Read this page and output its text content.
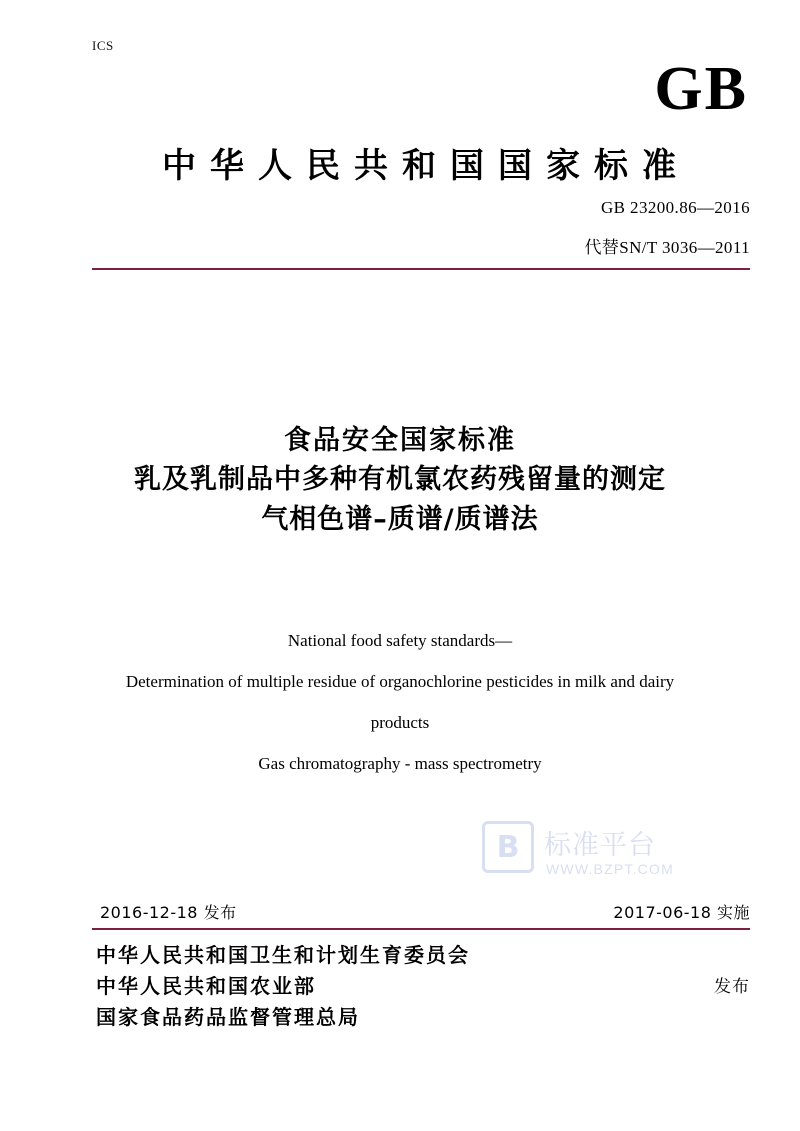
ICS
GB
中华人民共和国国家标准
GB 23200.86—2016
代替SN/T 3036—2011
食品安全国家标准
乳及乳制品中多种有机氯农药残留量的测定
气相色谱–质谱/质谱法
National food safety standards—
Determination of multiple residue of organochlorine pesticides in milk and dairy
products
Gas chromatography - mass spectrometry
B 标准平台
WWW.BZPT.COM
2016-12-18 发布	2017-06-18 实施
中华人民共和国卫生和计划生育委员会
中华人民共和国农业部
国家食品药品监督管理总局
发布
